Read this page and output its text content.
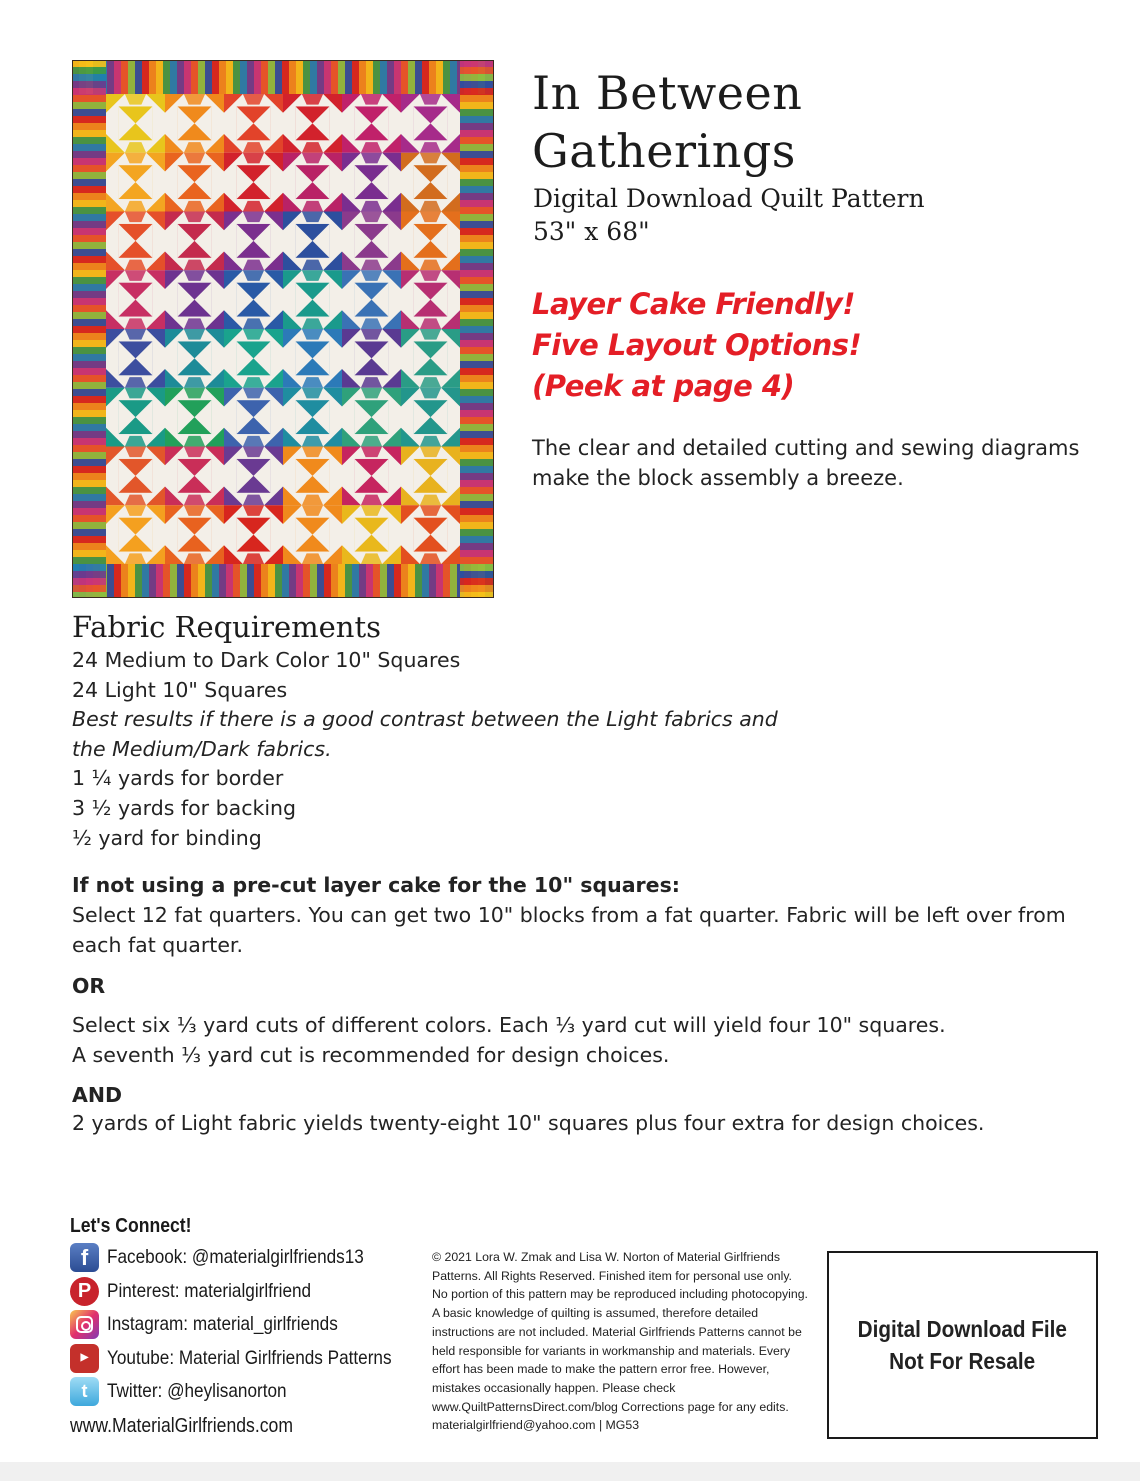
In Between
Gatherings
Digital Download Quilt Pattern
53" x 68"
Layer Cake Friendly!
Five Layout Options!
(Peek at page 4)
The clear and detailed cutting and sewing diagrams make the block assembly a breeze.
Fabric Requirements
24 Medium to Dark Color 10" Squares
24 Light 10" Squares
Best results if there is a good contrast between the Light fabrics and
the Medium/Dark fabrics.
1 ¼ yards for border
3 ½ yards for backing
½ yard for binding
If not using a pre-cut layer cake for the 10" squares:
Select 12 fat quarters. You can get two 10" blocks from a fat quarter. Fabric will be left over from each fat quarter.
OR
Select six ⅓ yard cuts of different colors. Each ⅓ yard cut will yield four 10" squares.
A seventh ⅓ yard cut is recommended for design choices.
AND
2 yards of Light fabric yields twenty-eight 10" squares plus four extra for design choices.
Let's Connect!
f Facebook: @materialgirlfriends13
P Pinterest: materialgirlfriend
Instagram: material_girlfriends
▶ Youtube: Material Girlfriends Patterns
t	Twitter: @heylisanorton
www.MaterialGirlfriends.com
© 2021 Lora W. Zmak and Lisa W. Norton of Material Girlfriends Patterns. All Rights Reserved. Finished item for personal use only. No portion of this pattern may be reproduced including photocopying. A basic knowledge of quilting is assumed, therefore detailed instructions are not included. Material Girlfriends Patterns cannot be held responsible for variants in workmanship and materials. Every effort has been made to make the pattern error free. However, mistakes occasionally happen. Please check www.QuiltPatternsDirect.com/blog Corrections page for any edits. materialgirlfriend@yahoo.com | MG53
Digital Download File
Not For Resale
